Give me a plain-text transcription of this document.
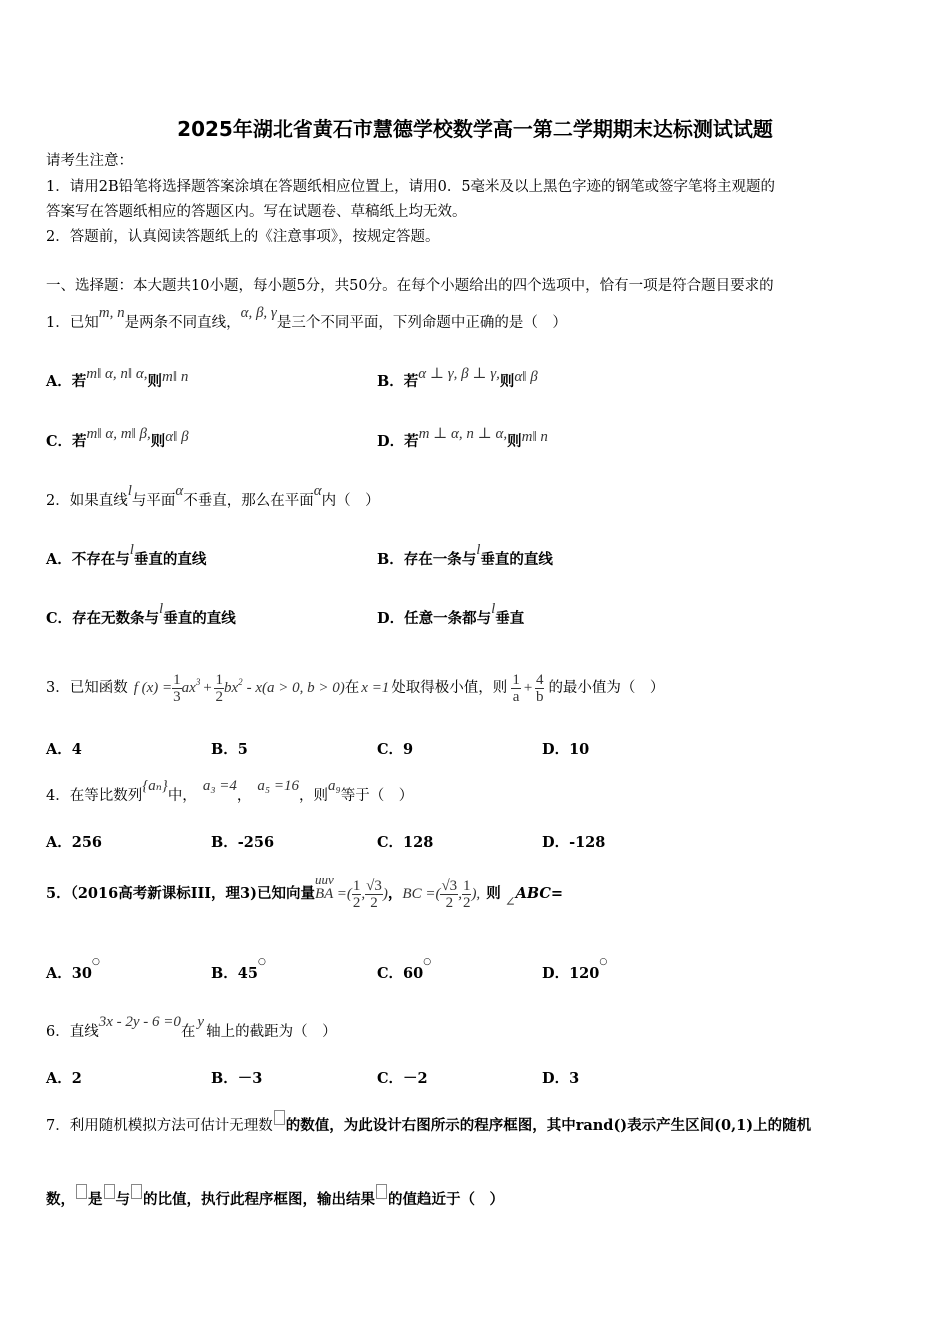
2025年湖北省黄石市慧德学校数学高一第二学期期末达标测试试题
请考生注意：
1．请用2B铅笔将选择题答案涂填在答题纸相应位置上，请用0．5毫米及以上黑色字迹的钢笔或签字笔将主观题的
答案写在答题纸相应的答题区内。写在试题卷、草稿纸上均无效。
2．答题前，认真阅读答题纸上的《注意事项》，按规定答题。
一、选择题：本大题共10小题，每小题5分，共50分。在每个小题给出的四个选项中，恰有一项是符合题目要求的
1．已知m, n是两条不同直线，α, β, γ是三个不同平面，下列命题中正确的是（　）
A．若m‖ α, n‖ α,则m‖ n	B．若α ⊥ γ, β ⊥ γ,则α‖ β
C．若m‖ α, m‖ β,则α‖ β	D．若m ⊥ α, n ⊥ α,则m‖ n
2．如果直线l与平面α不垂直，那么在平面α内（　）
A．不存在与l垂直的直线	B．存在一条与l垂直的直线
C．存在无数条与l垂直的直线	D．任意一条都与l垂直
3．已知函数 f $(x) = \frac{1}{3}$ ax $3 + \frac{1}{2}$ bx 2 - x(a > 0, b > 0) 在 x =1 处取得极小值，则 $\frac{1}{a} + \frac{4}{b}$ 的最小值为（　）
A．4	B．5	C．9	D．10
4．在等比数列{aₙ}中，a₃ =4，a₅ =16，则a₉等于（　）
A．256	B．-256	C．128	D．-128
5．（2016高考新课标III，理3)已知向量
uuv
BA =( $\frac{1}{2}$ , $\frac{√3}{2}$ ) ， BC =( $\frac{√3}{2}$ , $\frac{1}{2}$ ), 则 ∠ ABC=
A．30○
B．45○
C．60○
D．120○
6．直线3x - 2y - 6 =0在y轴上的截距为（　）
A．2	B．－3	C．－2	D．3
7．利用随机模拟方法可估计无理数 的数值，为此设计右图所示的程序框图，其中rand()表示产生区间(0,1)上的随机
数， 是 与 的比值，执行此程序框图，输出结果 的值趋近于（　）
